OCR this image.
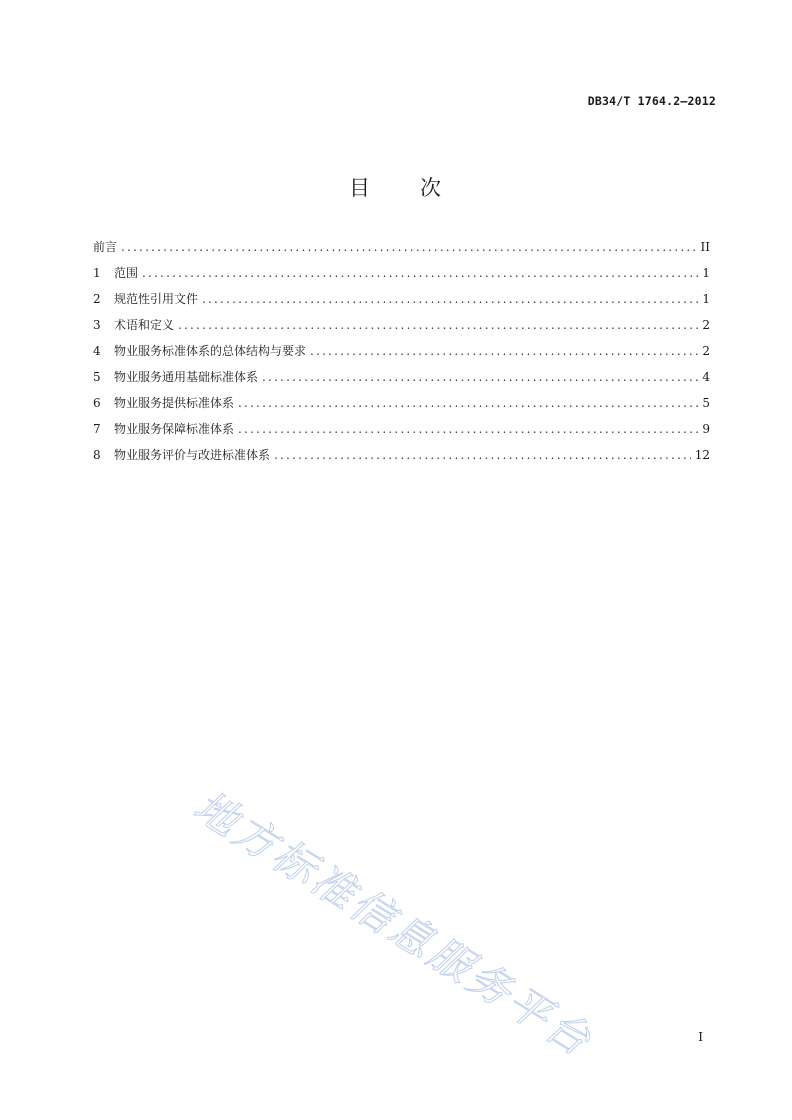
DB34/T 1764.2—2012
目 次
前言 .....	II
1	范围 .....	1
2	规范性引用文件 .....	1
3	术语和定义 .....	2
4	物业服务标准体系的总体结构与要求 .....	2
5	物业服务通用基础标准体系 .....	4
6	物业服务提供标准体系 .....	5
7	物业服务保障标准体系 .....	9
8	物业服务评价与改进标准体系 .....	12
地方标准信息服务平台	I
